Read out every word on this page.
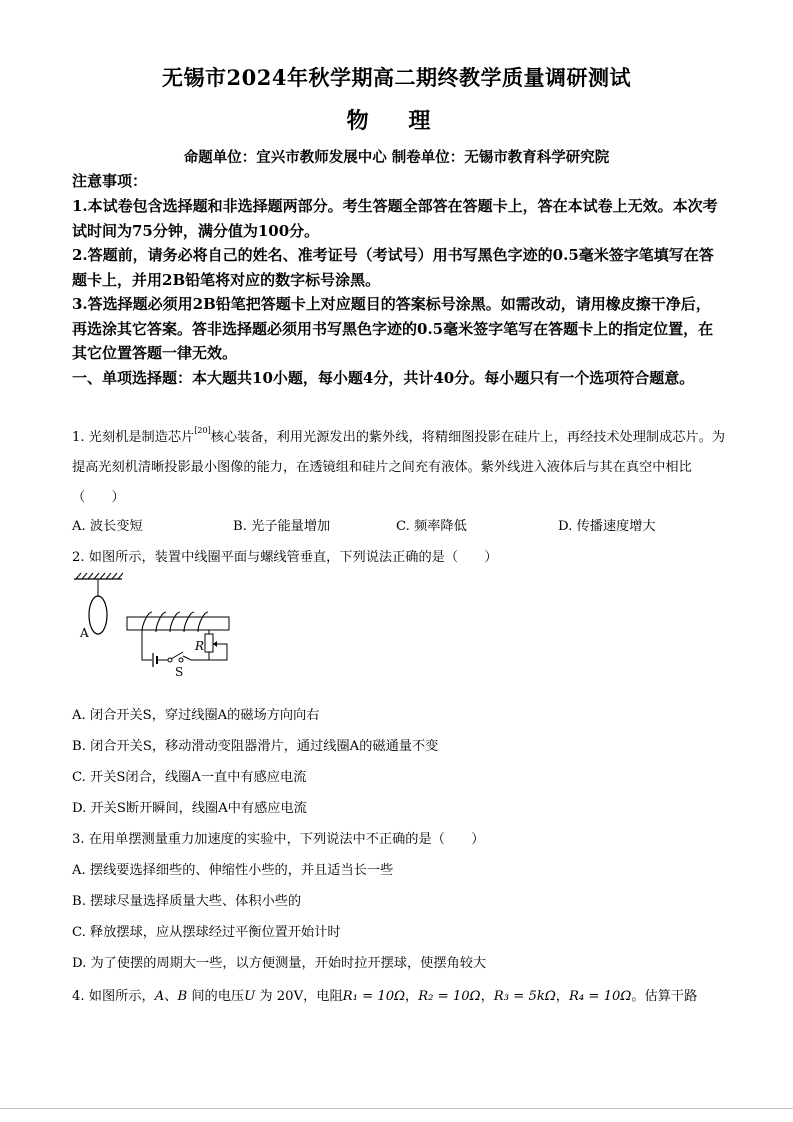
无锡市2024年秋学期高二期终教学质量调研测试
物 理
命题单位：宜兴市教师发展中心 制卷单位：无锡市教育科学研究院
注意事项：
1.本试卷包含选择题和非选择题两部分。考生答题全部答在答题卡上，答在本试卷上无效。本次考试时间为75分钟，满分值为100分。
2.答题前，请务必将自己的姓名、准考证号（考试号）用书写黑色字迹的0.5毫米签字笔填写在答题卡上，并用2B铅笔将对应的数字标号涂黑。
3.答选择题必须用2B铅笔把答题卡上对应题目的答案标号涂黑。如需改动，请用橡皮擦干净后，再选涂其它答案。答非选择题必须用书写黑色字迹的0.5毫米签字笔写在答题卡上的指定位置，在其它位置答题一律无效。
一、单项选择题：本大题共10小题，每小题4分，共计40分。每小题只有一个选项符合题意。
1. 光刻机是制造芯片[20]核心装备，利用光源发出的紫外线，将精细图投影在硅片上，再经技术处理制成芯片。为提高光刻机清晰投影最小图像的能力，在透镜组和硅片之间充有液体。紫外线进入液体后与其在真空中相比（　　）
A. 波长变短	B. 光子能量增加	C. 频率降低	D. 传播速度增大
2. 如图所示，装置中线圈平面与螺线管垂直，下列说法正确的是（　　）
A
S
R
A. 闭合开关S，穿过线圈A的磁场方向向右
B. 闭合开关S，移动滑动变阻器滑片，通过线圈A的磁通量不变
C. 开关S闭合，线圈A一直中有感应电流
D. 开关S断开瞬间，线圈A中有感应电流
3. 在用单摆测量重力加速度的实验中，下列说法中不正确的是（　　）
A. 摆线要选择细些的、伸缩性小些的，并且适当长一些
B. 摆球尽量选择质量大些、体积小些的
C. 释放摆球，应从摆球经过平衡位置开始计时
D. 为了使摆的周期大一些，以方便测量，开始时拉开摆球，使摆角较大
4. 如图所示，A、B 间的电压U 为 20V，电阻R₁ = 10Ω，R₂ = 10Ω，R₃ = 5kΩ，R₄ = 10Ω。估算干路
